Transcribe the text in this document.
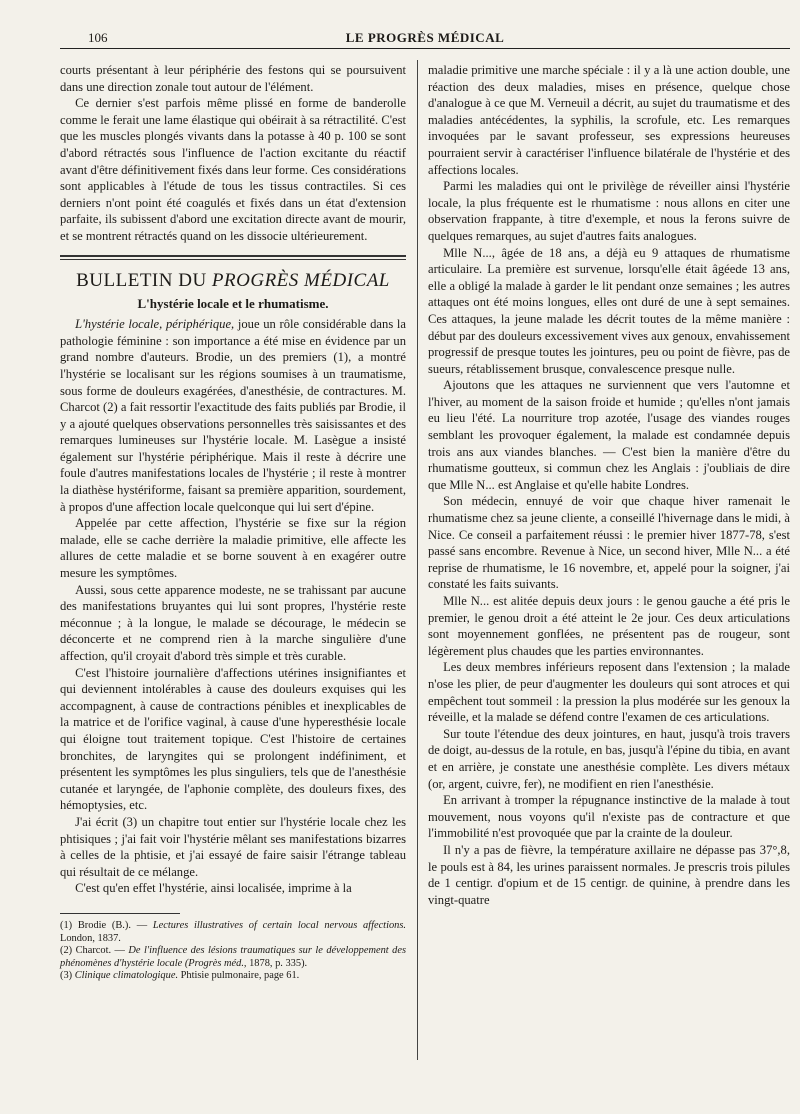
106	LE PROGRÈS MÉDICAL

courts présentant à leur périphérie des festons qui se poursuivent dans une direction zonale tout autour de l'élément.

Ce dernier s'est parfois même plissé en forme de banderolle comme le ferait une lame élastique qui obéirait à sa rétractilité. C'est que les muscles plongés vivants dans la potasse à 40 p. 100 se sont d'abord rétractés sous l'influence de l'action excitante du réactif avant d'être définitivement fixés dans leur forme. Ces considérations sont applicables à l'étude de tous les tissus contractiles. Si ces derniers n'ont point été coagulés et fixés dans un état d'extension parfaite, ils subissent d'abord une excitation directe avant de mourir, et se montrent rétractés quand on les dissocie ultérieurement.

BULLETIN DU PROGRÈS MÉDICAL
L'hystérie locale et le rhumatisme.

L'hystérie locale, périphérique, joue un rôle considérable dans la pathologie féminine : son importance a été mise en évidence par un grand nombre d'auteurs. Brodie, un des premiers (1), a montré l'hystérie se localisant sur les régions soumises à un traumatisme, sous forme de douleurs exagérées, d'anesthésie, de contractures. M. Charcot (2) a fait ressortir l'exactitude des faits publiés par Brodie, il y a ajouté quelques observations personnelles très saisissantes et des remarques lumineuses sur l'hystérie locale. M. Lasègue a insisté également sur l'hystérie périphérique. Mais il reste à décrire une foule d'autres manifestations locales de l'hystérie ; il reste à montrer la diathèse hystériforme, faisant sa première apparition, sourdement, à propos d'une affection locale quelconque qui lui sert d'épine.

Appelée par cette affection, l'hystérie se fixe sur la région malade, elle se cache derrière la maladie primitive, elle affecte les allures de cette maladie et se borne souvent à en exagérer outre mesure les symptômes.

Aussi, sous cette apparence modeste, ne se trahissant par aucune des manifestations bruyantes qui lui sont propres, l'hystérie reste méconnue ; à la longue, le malade se décourage, le médecin se déconcerte et ne comprend rien à la marche singulière d'une affection, qu'il croyait d'abord très simple et très curable.

C'est l'histoire journalière d'affections utérines insignifiantes et qui deviennent intolérables à cause des douleurs exquises qui les accompagnent, à cause de contractions pénibles et inexplicables de la matrice et de l'orifice vaginal, à cause d'une hyperesthésie locale qui éloigne tout traitement topique. C'est l'histoire de certaines bronchites, de laryngites qui se prolongent indéfiniment, et présentent les symptômes les plus singuliers, tels que de l'anesthésie cutanée et laryngée, de l'aphonie complète, des douleurs fixes, des hémoptysies, etc.

J'ai écrit (3) un chapitre tout entier sur l'hystérie locale chez les phtisiques ; j'ai fait voir l'hystérie mêlant ses manifestations bizarres à celles de la phtisie, et j'ai essayé de faire saisir l'étrange tableau qui résultait de ce mélange.

C'est qu'en effet l'hystérie, ainsi localisée, imprime à la

(1) Brodie (B.). — Lectures illustratives of certain local nervous affections. London, 1837.

(2) Charcot. — De l'influence des lésions traumatiques sur le développement des phénomènes d'hystérie locale (Progrès méd., 1878, p. 335).

(3) Clinique climatologique. Phtisie pulmonaire, page 61.

maladie primitive une marche spéciale : il y a là une action double, une réaction des deux maladies, mises en présence, quelque chose d'analogue à ce que M. Verneuil a décrit, au sujet du traumatisme et des maladies antécédentes, la syphilis, la scrofule, etc. Les remarques invoquées par le savant professeur, ses expressions heureuses pourraient servir à caractériser l'influence bilatérale de l'hystérie et des affections locales.

Parmi les maladies qui ont le privilège de réveiller ainsi l'hystérie locale, la plus fréquente est le rhumatisme : nous allons en citer une observation frappante, à titre d'exemple, et nous la ferons suivre de quelques remarques, au sujet d'autres faits analogues.

Mlle N..., âgée de 18 ans, a déjà eu 9 attaques de rhumatisme articulaire. La première est survenue, lorsqu'elle était âgéede 13 ans, elle a obligé la malade à garder le lit pendant onze semaines ; les autres attaques ont été moins longues, elles ont duré de une à sept semaines. Ces attaques, la jeune malade les décrit toutes de la même manière : début par des douleurs excessivement vives aux genoux, envahissement progressif de presque toutes les jointures, peu ou point de fièvre, pas de sueurs, rétablissement brusque, convalescence presque nulle.

Ajoutons que les attaques ne surviennent que vers l'automne et l'hiver, au moment de la saison froide et humide ; qu'elles n'ont jamais eu lieu l'été. La nourriture trop azotée, l'usage des viandes rouges semblant les provoquer également, la malade est condamnée depuis trois ans aux viandes blanches. — C'est bien la manière d'être du rhumatisme goutteux, si commun chez les Anglais : j'oubliais de dire que Mlle N... est Anglaise et qu'elle habite Londres.

Son médecin, ennuyé de voir que chaque hiver ramenait le rhumatisme chez sa jeune cliente, a conseillé l'hivernage dans le midi, à Nice. Ce conseil a parfaitement réussi : le premier hiver 1877-78, s'est passé sans encombre. Revenue à Nice, un second hiver, Mlle N... a été reprise de rhumatisme, le 16 novembre, et, appelé pour la soigner, j'ai constaté les faits suivants.

Mlle N... est alitée depuis deux jours : le genou gauche a été pris le premier, le genou droit a été atteint le 2e jour. Ces deux articulations sont moyennement gonflées, ne présentent pas de rougeur, sont légèrement plus chaudes que les parties environnantes.

Les deux membres inférieurs reposent dans l'extension ; la malade n'ose les plier, de peur d'augmenter les douleurs qui sont atroces et qui empêchent tout sommeil : la pression la plus modérée sur les genoux la réveille, et la malade se défend contre l'examen de ces articulations.

Sur toute l'étendue des deux jointures, en haut, jusqu'à trois travers de doigt, au-dessus de la rotule, en bas, jusqu'à l'épine du tibia, en avant et en arrière, je constate une anesthésie complète. Les divers métaux (or, argent, cuivre, fer), ne modifient en rien l'anesthésie.

En arrivant à tromper la répugnance instinctive de la malade à tout mouvement, nous voyons qu'il n'existe pas de contracture et que l'immobilité n'est provoquée que par la crainte de la douleur.

Il n'y a pas de fièvre, la température axillaire ne dépasse pas 37°,8, le pouls est à 84, les urines paraissent normales. Je prescris trois pilules de 1 centigr. d'opium et de 15 centigr. de quinine, à prendre dans les vingt-quatre
